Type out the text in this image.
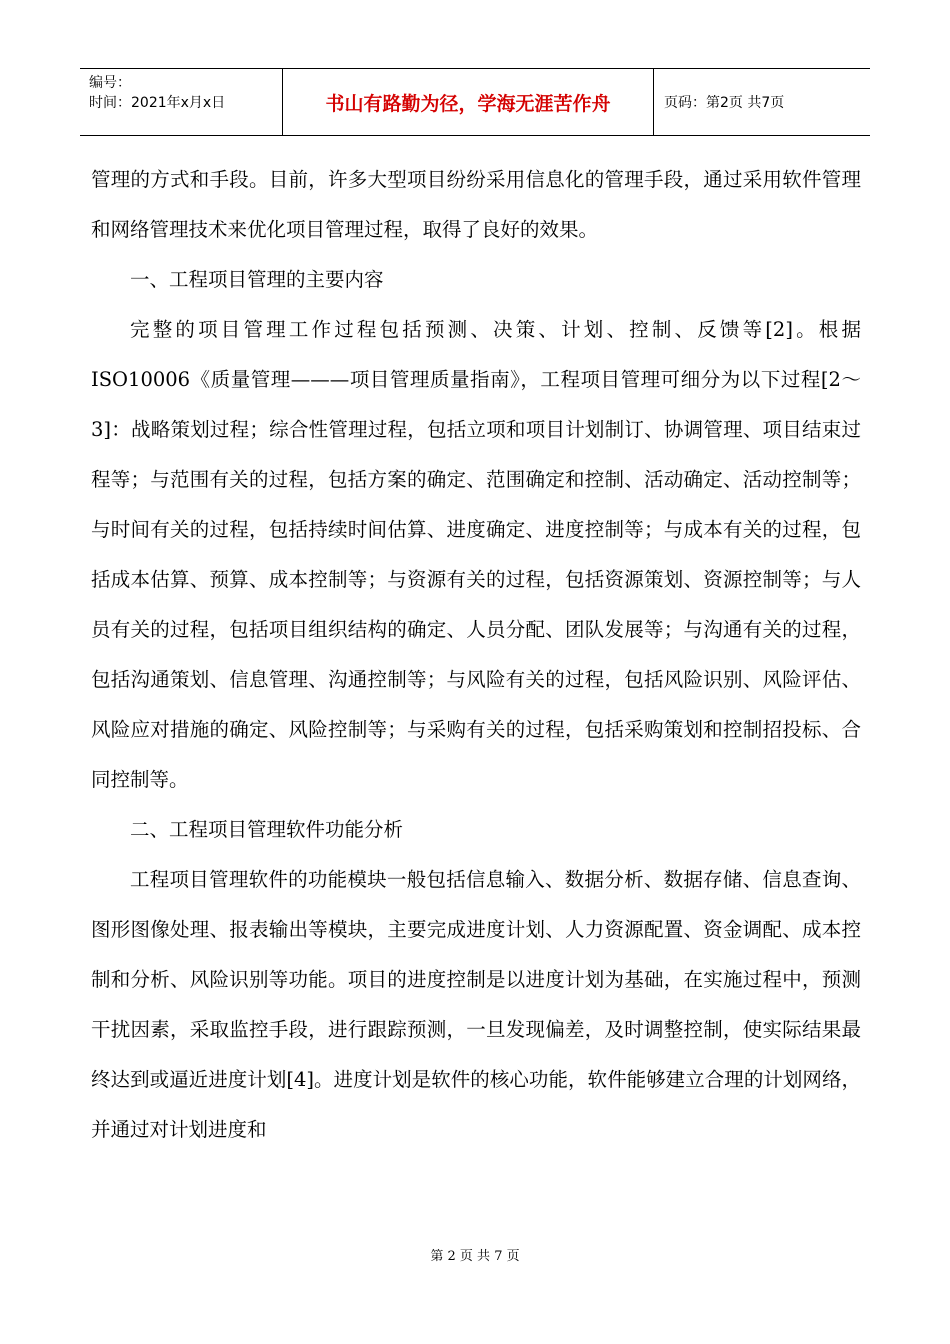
编号：
时间：2021年x月x日	书山有路勤为径，学海无涯苦作舟	页码：第2页 共7页

管理的方式和手段。目前，许多大型项目纷纷采用信息化的管理手段，通过采用软件管理和网络管理技术来优化项目管理过程，取得了良好的效果。

一、工程项目管理的主要内容

完整的项目管理工作过程包括预测、决策、计划、控制、反馈等[2]。根据ISO10006《质量管理———项目管理质量指南》，工程项目管理可细分为以下过程[2～3]：战略策划过程；综合性管理过程，包括立项和项目计划制订、协调管理、项目结束过程等；与范围有关的过程，包括方案的确定、范围确定和控制、活动确定、活动控制等；与时间有关的过程，包括持续时间估算、进度确定、进度控制等；与成本有关的过程，包括成本估算、预算、成本控制等；与资源有关的过程，包括资源策划、资源控制等；与人员有关的过程，包括项目组织结构的确定、人员分配、团队发展等；与沟通有关的过程，包括沟通策划、信息管理、沟通控制等；与风险有关的过程，包括风险识别、风险评估、风险应对措施的确定、风险控制等；与采购有关的过程，包括采购策划和控制招投标、合同控制等。

二、工程项目管理软件功能分析

工程项目管理软件的功能模块一般包括信息输入、数据分析、数据存储、信息查询、图形图像处理、报表输出等模块，主要完成进度计划、人力资源配置、资金调配、成本控制和分析、风险识别等功能。项目的进度控制是以进度计划为基础，在实施过程中，预测干扰因素，采取监控手段，进行跟踪预测，一旦发现偏差，及时调整控制，使实际结果最终达到或逼近进度计划[4]。进度计划是软件的核心功能，软件能够建立合理的计划网络，并通过对计划进度和

第 2 页 共 7 页
